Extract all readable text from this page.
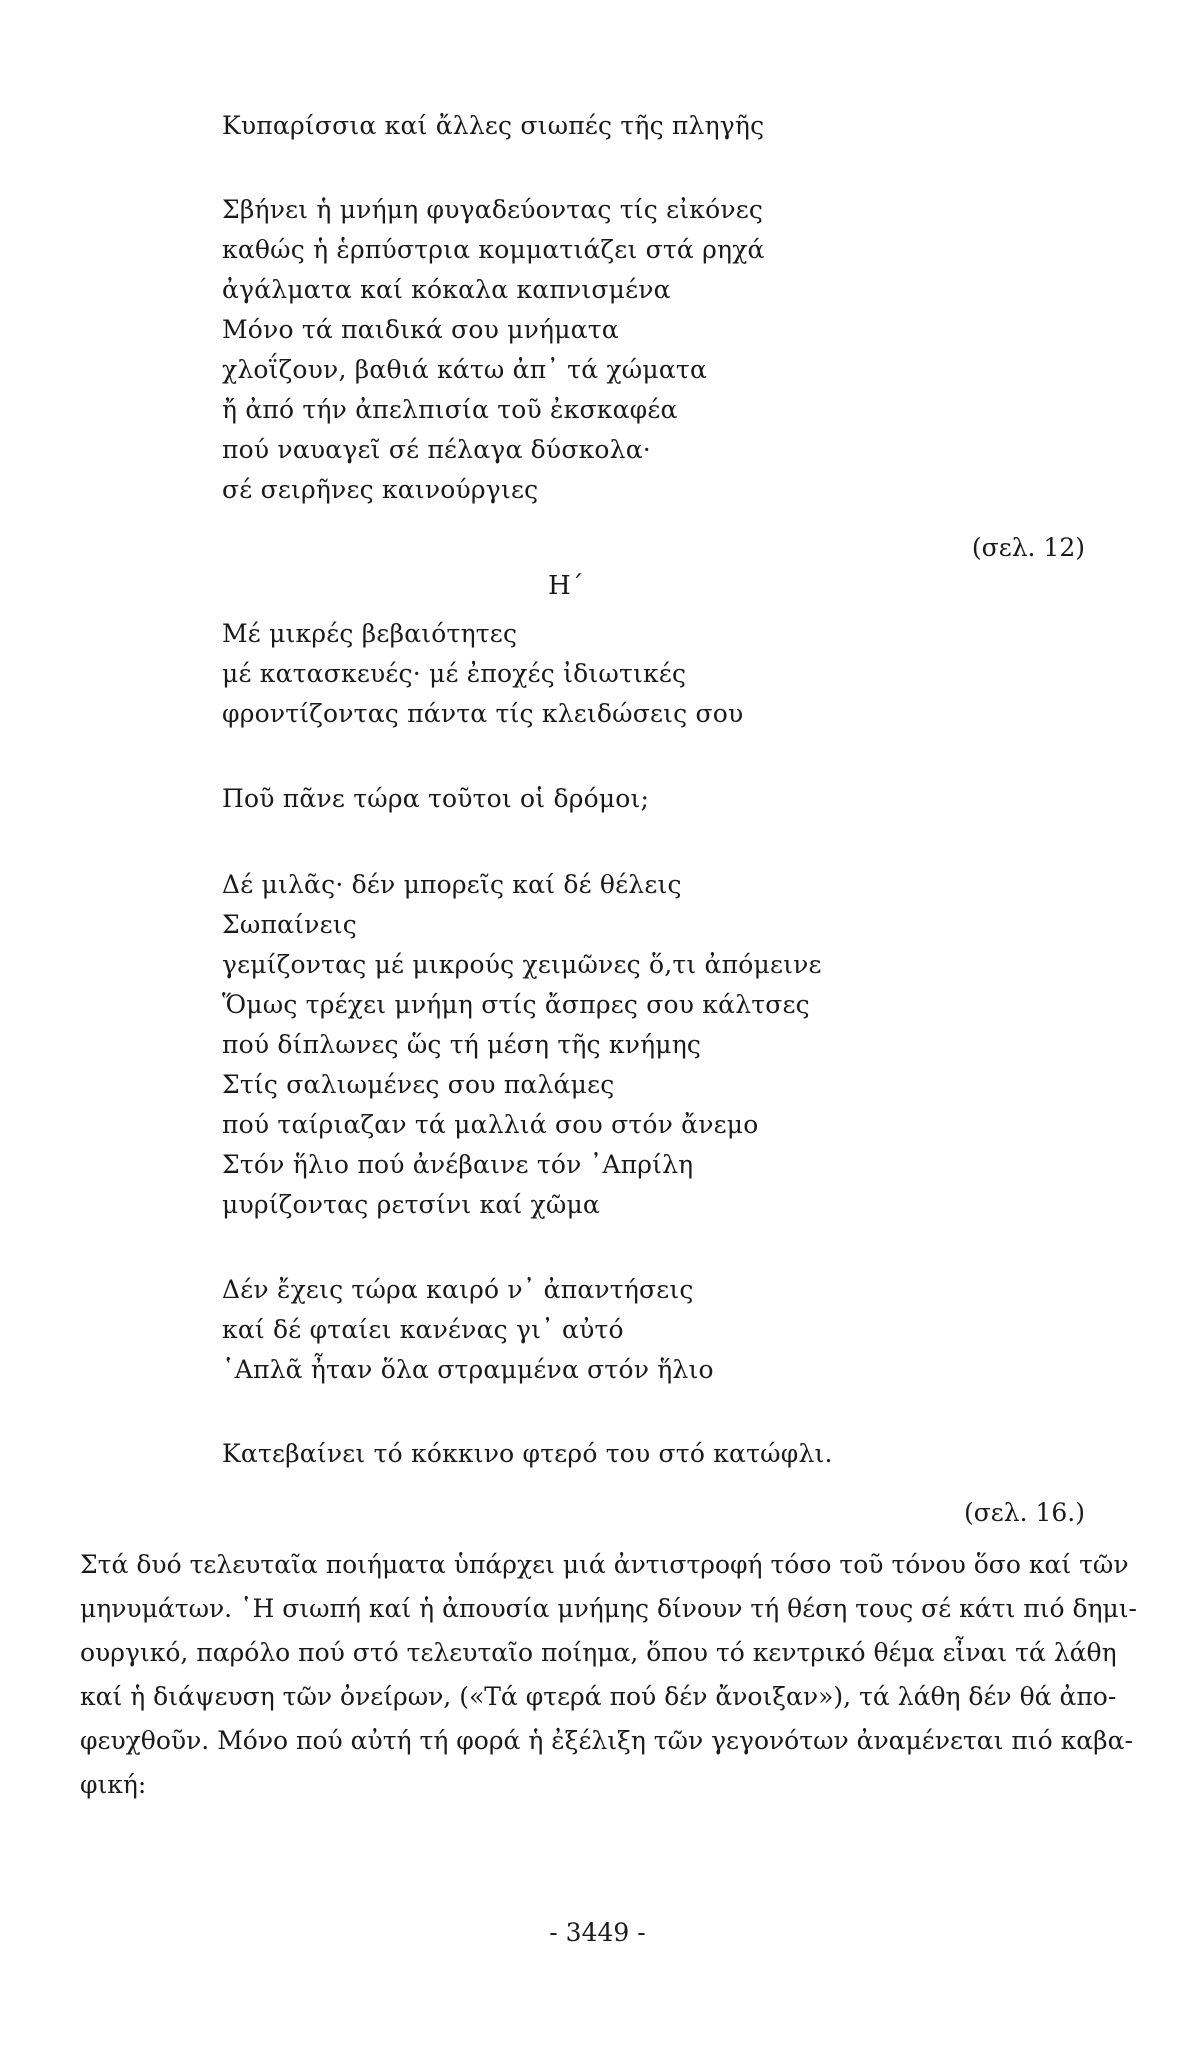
Κυπαρίσσια καί ἄλλες σιωπές τῆς πληγῆς
Σβήνει ἡ μνήμη φυγαδεύοντας τίς εἰκόνες
καθώς ἡ ἑρπύστρια κομματιάζει στά ρηχά
ἀγάλματα καί κόκαλα καπνισμένα
Μόνο τά παιδικά σου μνήματα
χλοΐζουν, βαθιά κάτω ἀπ᾿ τά χώματα
ἤ ἀπό τήν ἀπελπισία τοῦ ἐκσκαφέα
πού ναυαγεῖ σέ πέλαγα δύσκολα·
σέ σειρῆνες καινούργιες
(σελ. 12)
Η΄
Μέ μικρές βεβαιότητες
μέ κατασκευές· μέ ἐποχές ἰδιωτικές
φροντίζοντας πάντα τίς κλειδώσεις σου
Ποῦ πᾶνε τώρα τοῦτοι οἱ δρόμοι;
Δέ μιλᾶς· δέν μπορεῖς καί δέ θέλεις
Σωπαίνεις
γεμίζοντας μέ μικρούς χειμῶνες ὅ,τι ἀπόμεινε
Ὅμως τρέχει μνήμη στίς ἄσπρες σου κάλτσες
πού δίπλωνες ὥς τή μέση τῆς κνήμης
Στίς σαλιωμένες σου παλάμες
πού ταίριαζαν τά μαλλιά σου στόν ἄνεμο
Στόν ἥλιο πού ἀνέβαινε τόν ᾿Απρίλη
μυρίζοντας ρετσίνι καί χῶμα
Δέν ἔχεις τώρα καιρό ν᾿ ἀπαντήσεις
καί δέ φταίει κανένας γι᾿ αὐτό
῾Απλᾶ ἦταν ὅλα στραμμένα στόν ἥλιο
Κατεβαίνει τό κόκκινο φτερό του στό κατώφλι.
(σελ. 16.)
Στά δυό τελευταῖα ποιήματα ὑπάρχει μιά ἀντιστροφή τόσο τοῦ τόνου ὅσο καί τῶν
μηνυμάτων. ῾Η σιωπή καί ἡ ἀπουσία μνήμης δίνουν τή θέση τους σέ κάτι πιό δημι-
ουργικό, παρόλο πού στό τελευταῖο ποίημα, ὅπου τό κεντρικό θέμα εἶναι τά λάθη
καί ἡ διάψευση τῶν ὀνείρων, («Τά φτερά πού δέν ἄνοιξαν»), τά λάθη δέν θά ἀπο-
φευχθοῦν. Μόνο πού αὐτή τή φορά ἡ ἐξέλιξη τῶν γεγονότων ἀναμένεται πιό καβα-
φική:
- 3449 -
